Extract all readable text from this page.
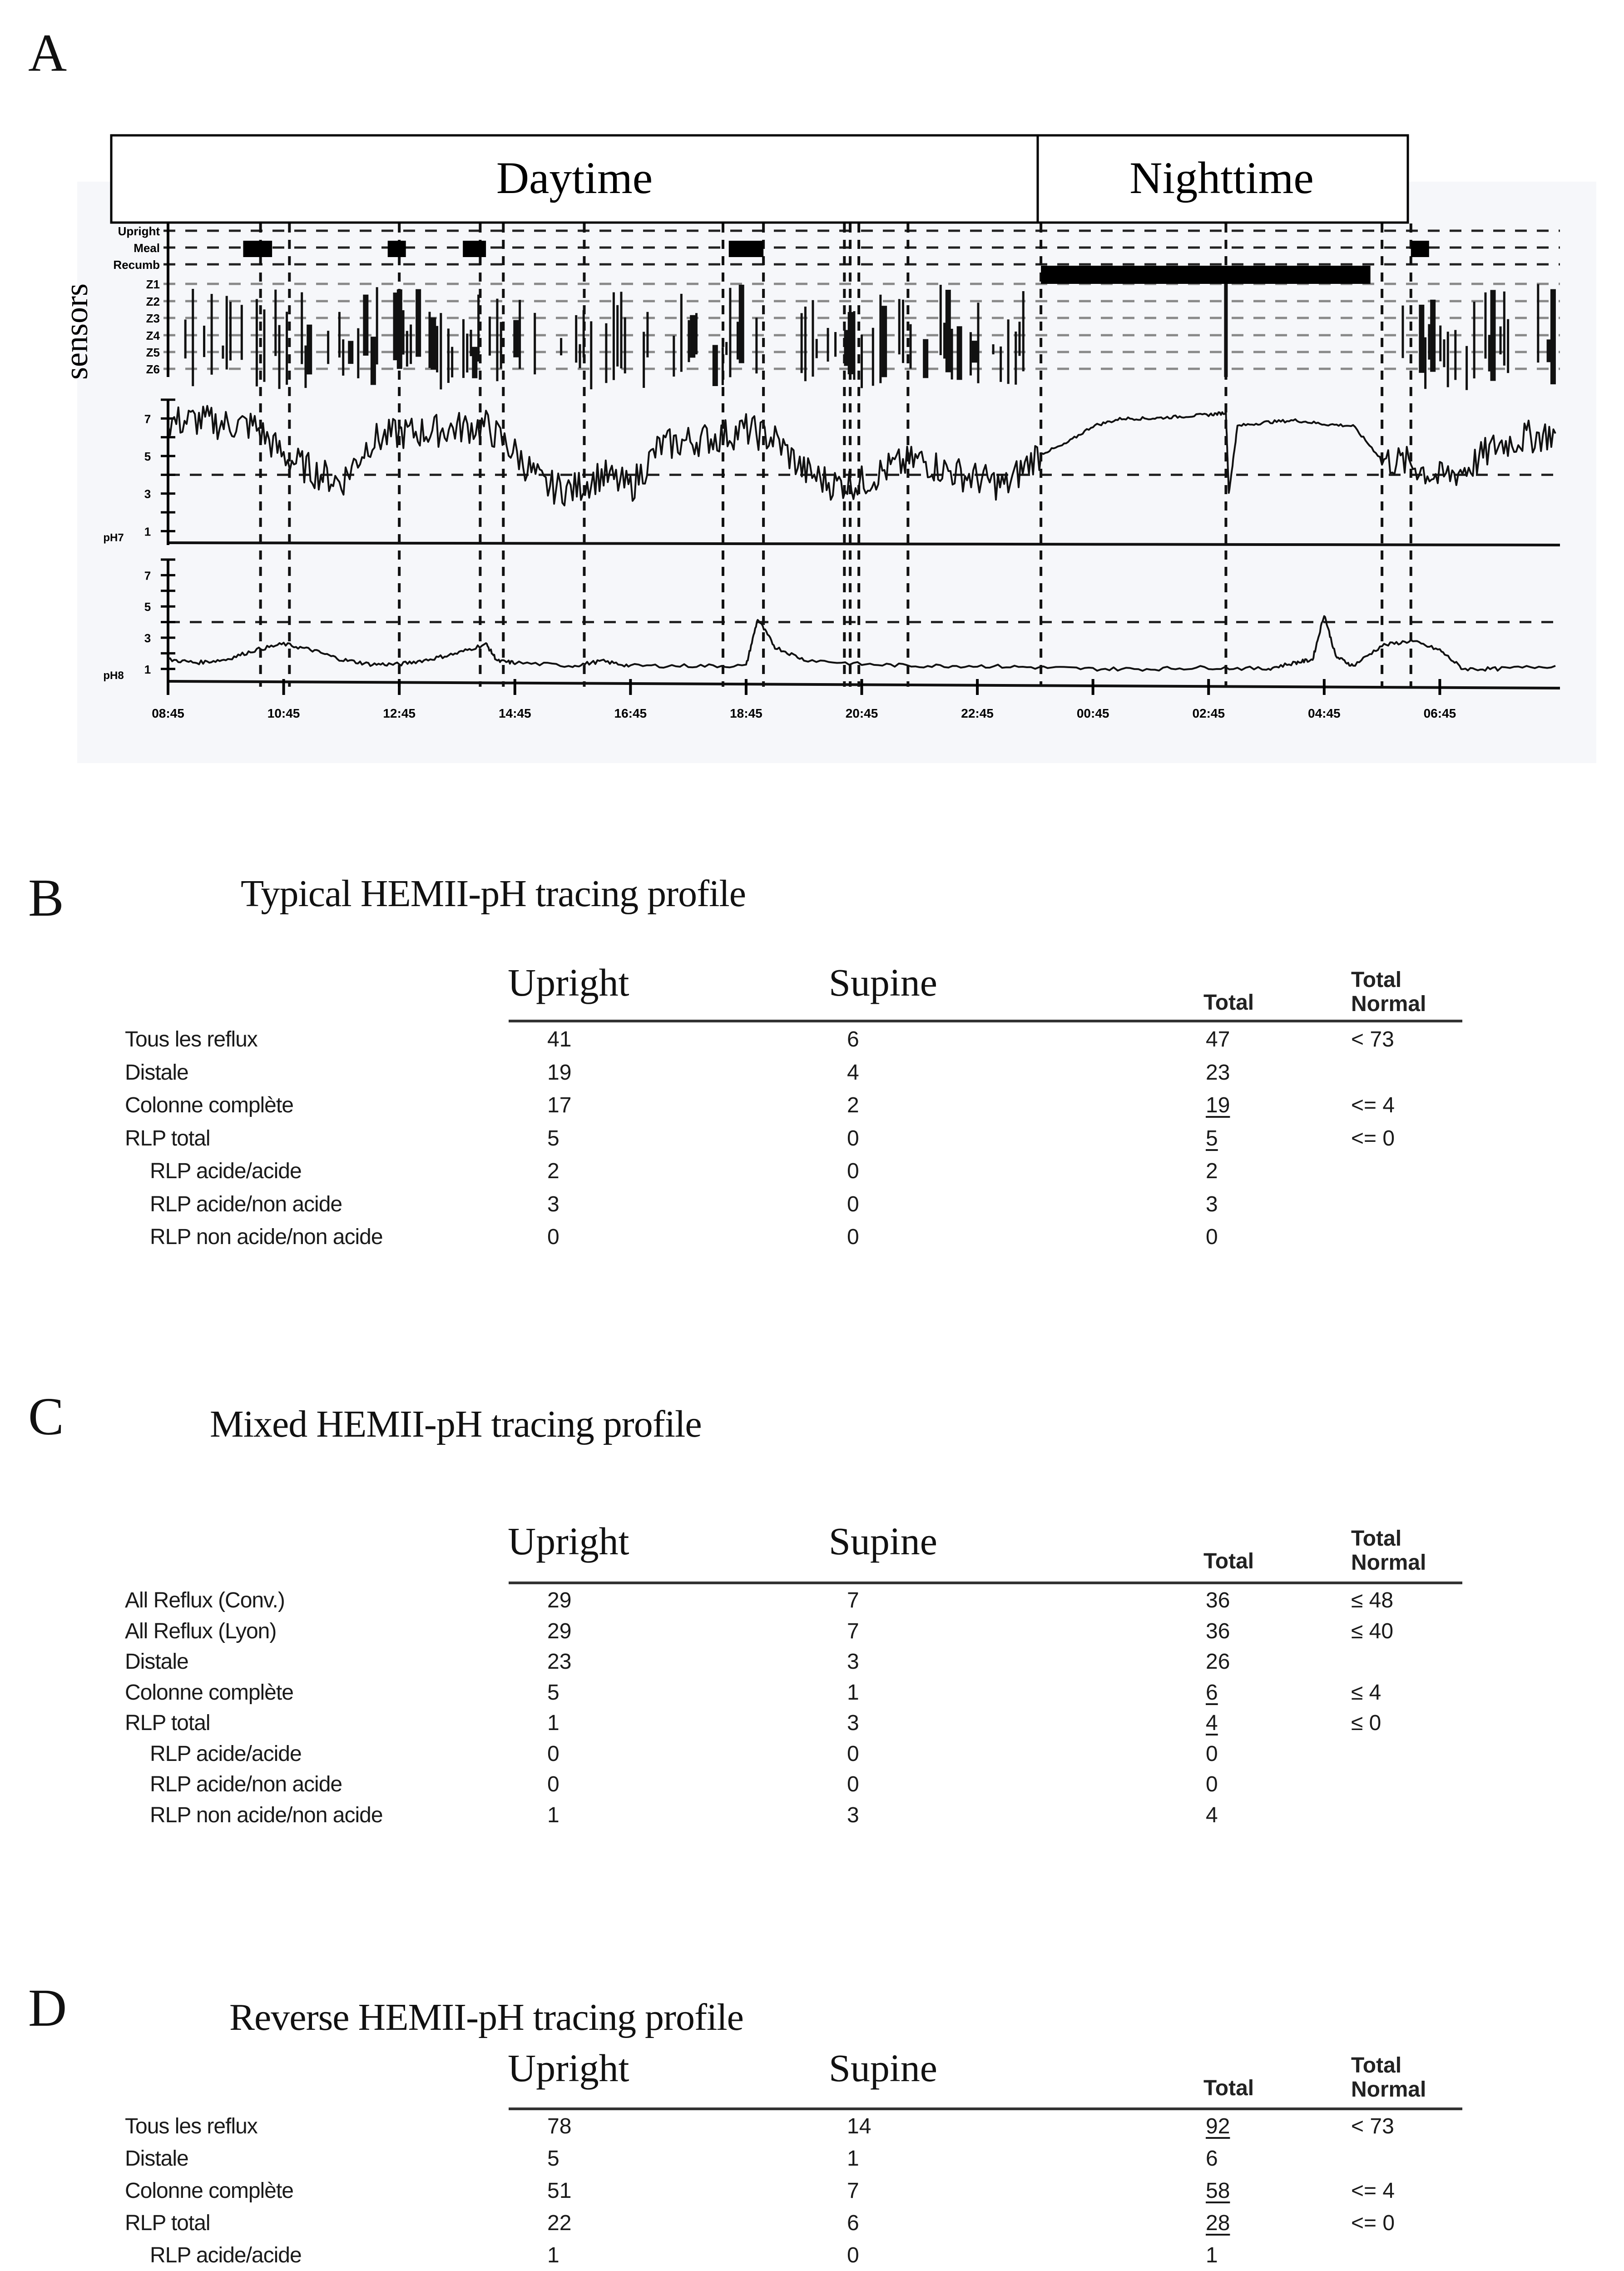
A
Upright
Meal
Recumb
Z1
Z2
Z3
Z4
Z5
Z6
7
5
3
1
pH7
7
5
3
1
pH8
08:45	10:45	12:45	14:45	16:45	18:45	20:45	22:45	00:45	02:45	04:45	06:45
Daytime	Nighttime
sensors
B	Typical HEMII-pH tracing profile
Upright	Supine	Total
Total
Normal
Tous les reflux	41	6	47	< 73
Distale	19	4	23
Colonne complète	17	2	19	<= 4
RLP total	5	0	5	<= 0
RLP acide/acide	2	0	2
RLP acide/non acide	3	0	3
RLP non acide/non acide	0	0	0
C	Mixed HEMII-pH tracing profile
Upright	Supine	Total
Total
Normal
All Reflux (Conv.)	29	7	36	≤ 48
All Reflux (Lyon)	29	7	36	≤ 40
Distale	23	3	26
Colonne complète	5	1	6	≤ 4
RLP total	1	3	4	≤ 0
RLP acide/acide	0	0	0
RLP acide/non acide	0	0	0
RLP non acide/non acide	1	3	4
D	Reverse HEMII-pH tracing profile
Upright	Supine	Total
Total
Normal
Tous les reflux	78	14	92	< 73
Distale	5	1	6
Colonne complète	51	7	58	<= 4
RLP total	22	6	28	<= 0
RLP acide/acide	1	0	1
